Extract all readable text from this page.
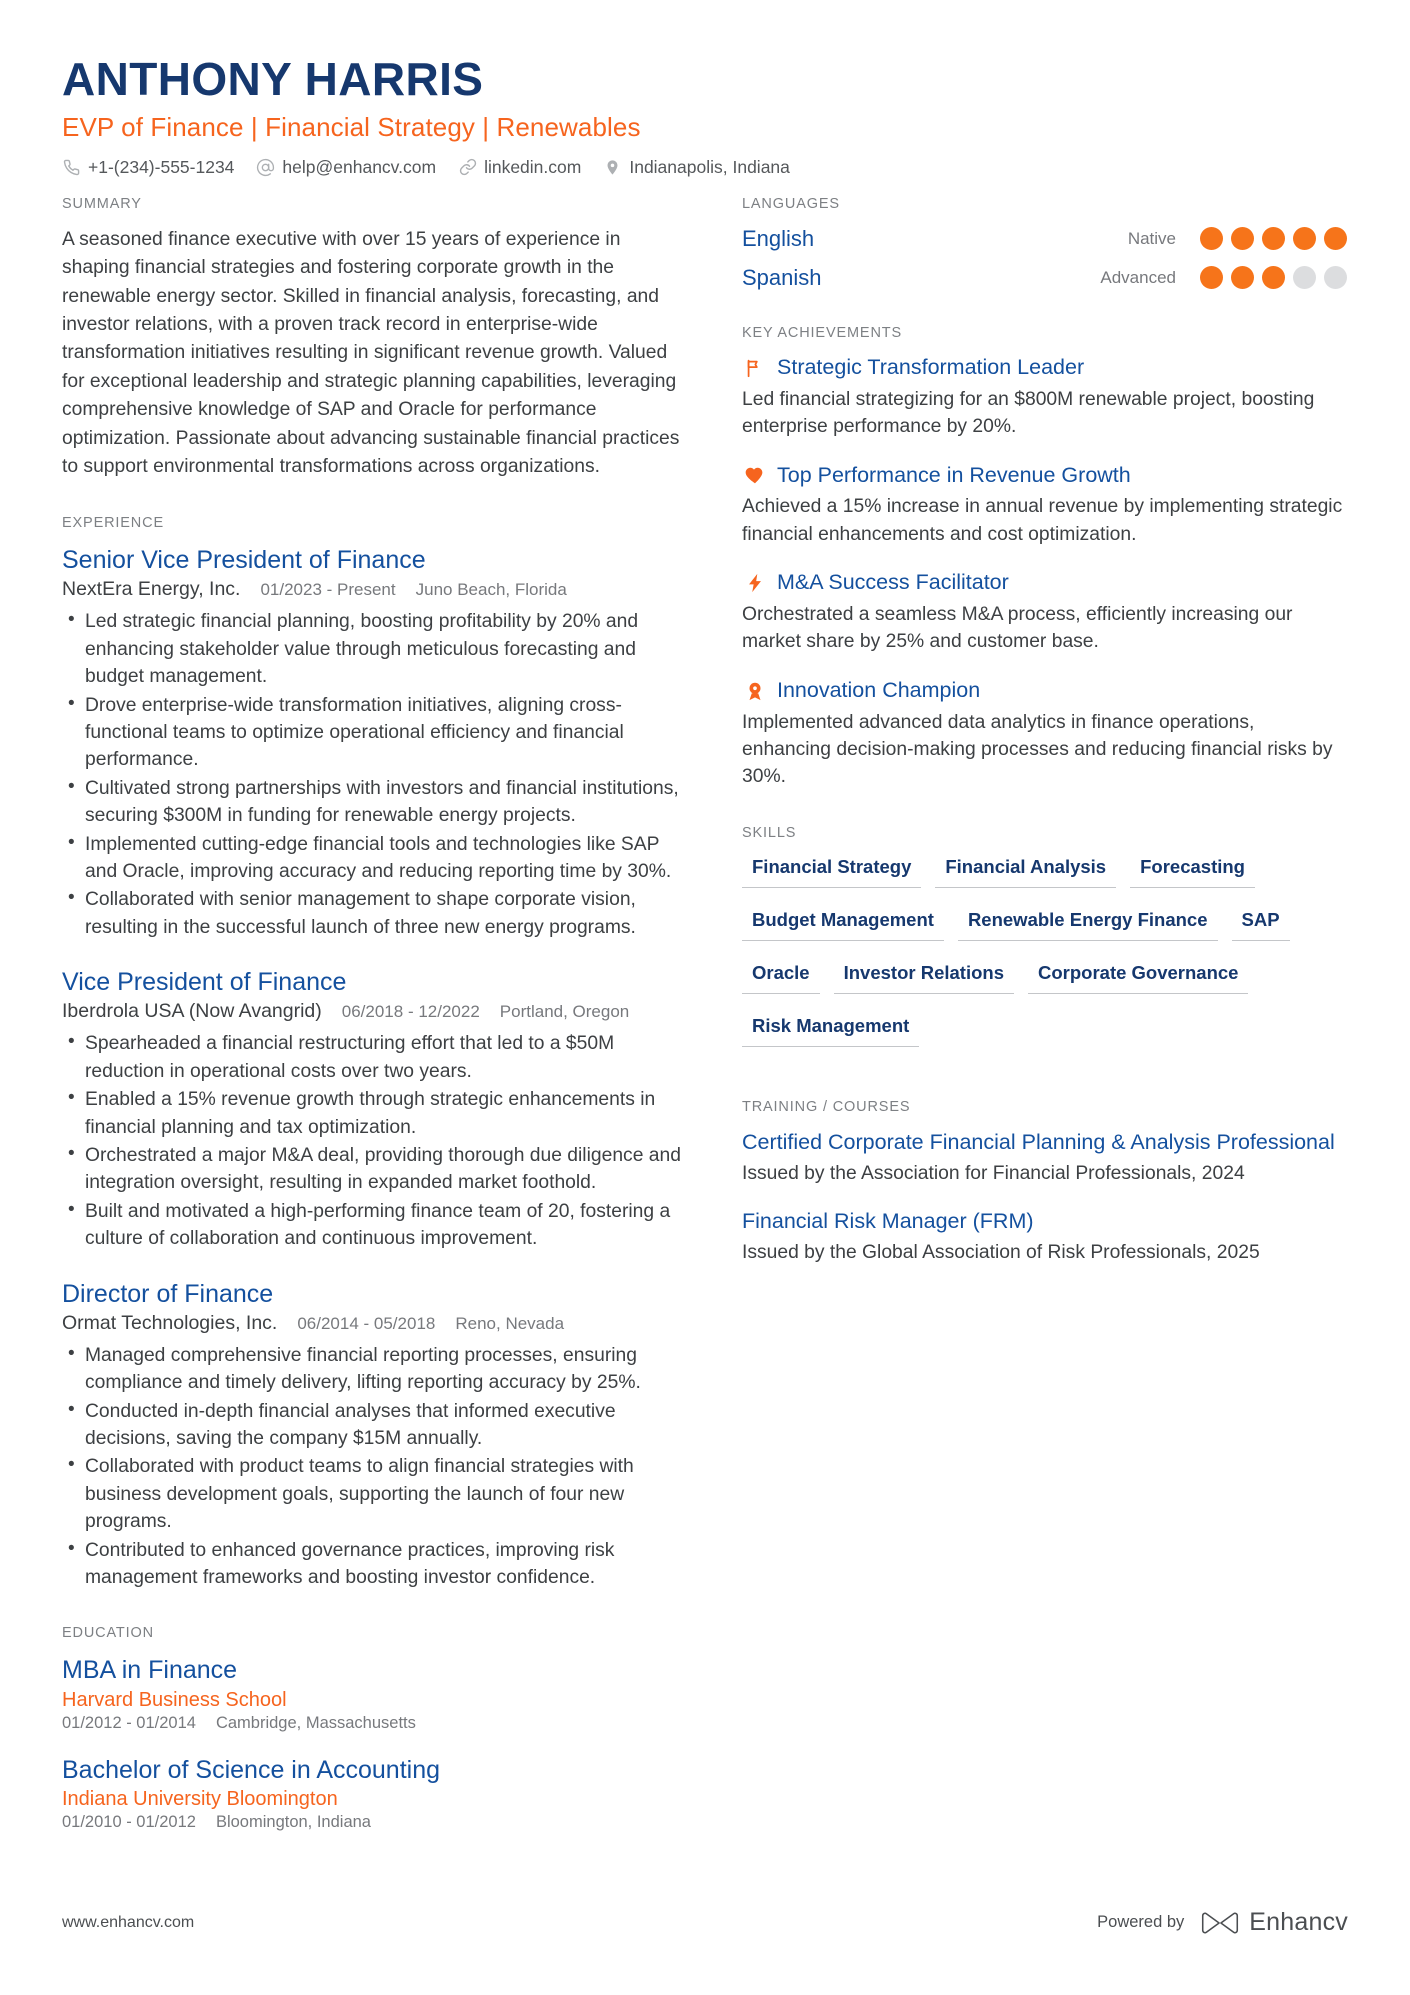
ANTHONY HARRIS
EVP of Finance | Financial Strategy | Renewables
+1-(234)-555-1234	help@enhancv.com	linkedin.com	Indianapolis, Indiana
SUMMARY
A seasoned finance executive with over 15 years of experience in shaping financial strategies and fostering corporate growth in the renewable energy sector. Skilled in financial analysis, forecasting, and investor relations, with a proven track record in enterprise-wide transformation initiatives resulting in significant revenue growth. Valued for exceptional leadership and strategic planning capabilities, leveraging comprehensive knowledge of SAP and Oracle for performance optimization. Passionate about advancing sustainable financial practices to support environmental transformations across organizations.
EXPERIENCE
Senior Vice President of Finance
NextEra Energy, Inc. 01/2023 - Present Juno Beach, Florida
• Led strategic financial planning, boosting profitability by 20% and enhancing stakeholder value through meticulous forecasting and budget management.
• Drove enterprise-wide transformation initiatives, aligning cross-functional teams to optimize operational efficiency and financial performance.
• Cultivated strong partnerships with investors and financial institutions, securing $300M in funding for renewable energy projects.
• Implemented cutting-edge financial tools and technologies like SAP and Oracle, improving accuracy and reducing reporting time by 30%.
• Collaborated with senior management to shape corporate vision, resulting in the successful launch of three new energy programs.
Vice President of Finance
Iberdrola USA (Now Avangrid) 06/2018 - 12/2022 Portland, Oregon
• Spearheaded a financial restructuring effort that led to a $50M reduction in operational costs over two years.
• Enabled a 15% revenue growth through strategic enhancements in financial planning and tax optimization.
• Orchestrated a major M&A deal, providing thorough due diligence and integration oversight, resulting in expanded market foothold.
• Built and motivated a high-performing finance team of 20, fostering a culture of collaboration and continuous improvement.
Director of Finance
Ormat Technologies, Inc. 06/2014 - 05/2018 Reno, Nevada
• Managed comprehensive financial reporting processes, ensuring compliance and timely delivery, lifting reporting accuracy by 25%.
• Conducted in-depth financial analyses that informed executive decisions, saving the company $15M annually.
• Collaborated with product teams to align financial strategies with business development goals, supporting the launch of four new programs.
• Contributed to enhanced governance practices, improving risk management frameworks and boosting investor confidence.
EDUCATION
MBA in Finance
Harvard Business School
01/2012 - 01/2014 Cambridge, Massachusetts
Bachelor of Science in Accounting
Indiana University Bloomington
01/2010 - 01/2012 Bloomington, Indiana
LANGUAGES
English	Native
Spanish	Advanced
KEY ACHIEVEMENTS
Strategic Transformation Leader
Led financial strategizing for an $800M renewable project, boosting enterprise performance by 20%.
Top Performance in Revenue Growth
Achieved a 15% increase in annual revenue by implementing strategic financial enhancements and cost optimization.
M&A Success Facilitator
Orchestrated a seamless M&A process, efficiently increasing our market share by 25% and customer base.
Innovation Champion
Implemented advanced data analytics in finance operations, enhancing decision-making processes and reducing financial risks by 30%.
SKILLS
Financial Strategy	Financial Analysis	Forecasting
Budget Management	Renewable Energy Finance	SAP
Oracle	Investor Relations	Corporate Governance
Risk Management
TRAINING / COURSES
Certified Corporate Financial Planning & Analysis Professional
Issued by the Association for Financial Professionals, 2024
Financial Risk Manager (FRM)
Issued by the Global Association of Risk Professionals, 2025
www.enhancv.com	Powered by	Enhancv
